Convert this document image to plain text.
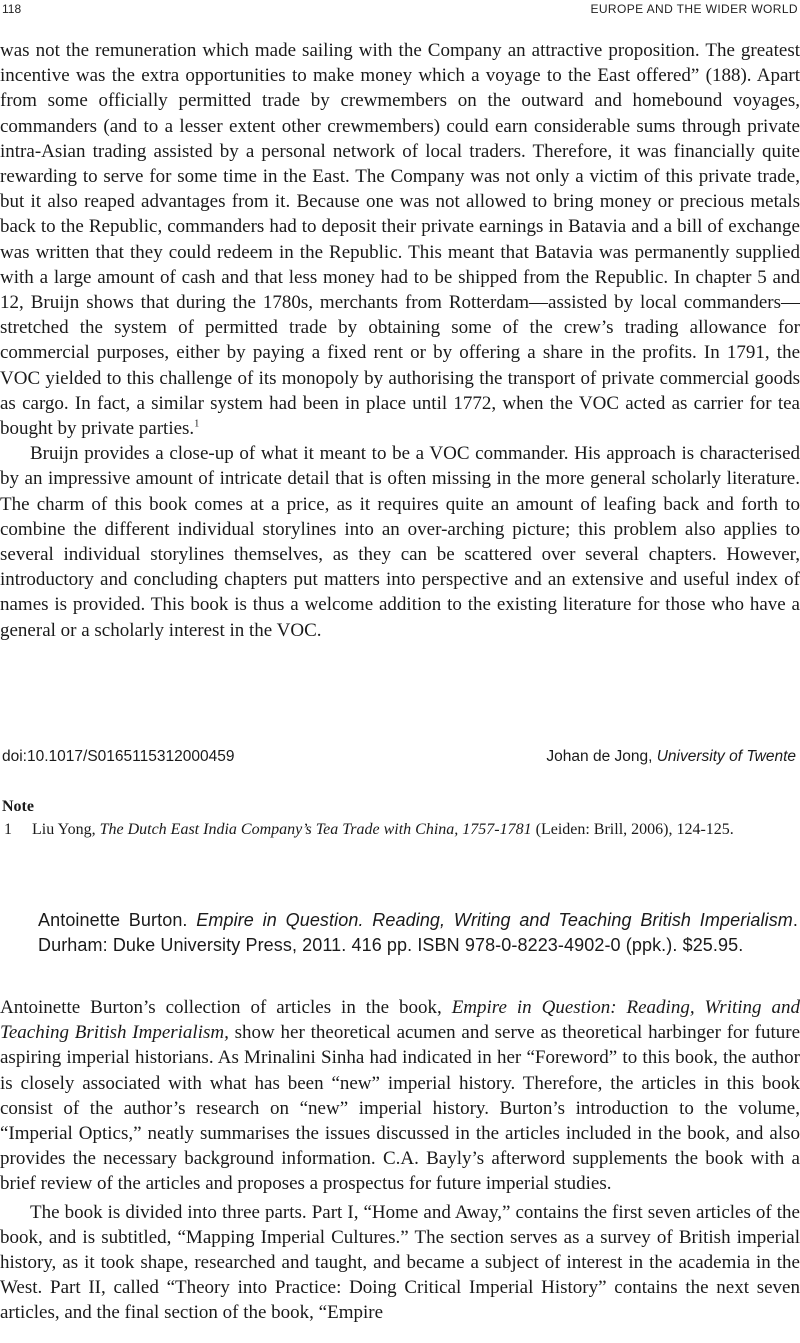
118	EUROPE AND THE WIDER WORLD

was not the remuneration which made sailing with the Company an attractive proposition. The greatest incentive was the extra opportunities to make money which a voyage to the East offered” (188). Apart from some officially permitted trade by crewmembers on the outward and homebound voyages, commanders (and to a lesser extent other crewmembers) could earn considerable sums through private intra-Asian trading assisted by a personal network of local traders. Therefore, it was financially quite rewarding to serve for some time in the East. The Company was not only a victim of this private trade, but it also reaped advantages from it. Because one was not allowed to bring money or precious metals back to the Republic, commanders had to deposit their private earnings in Batavia and a bill of exchange was written that they could redeem in the Republic. This meant that Batavia was permanently supplied with a large amount of cash and that less money had to be shipped from the Republic. In chapter 5 and 12, Bruijn shows that during the 1780s, merchants from Rotterdam—assisted by local commanders—stretched the system of permitted trade by obtaining some of the crew’s trading allowance for commercial purposes, either by paying a fixed rent or by offering a share in the profits. In 1791, the VOC yielded to this challenge of its monopoly by authorising the transport of private commercial goods as cargo. In fact, a similar system had been in place until 1772, when the VOC acted as carrier for tea bought by private parties.$^1$

Bruijn provides a close-up of what it meant to be a VOC commander. His approach is characterised by an impressive amount of intricate detail that is often missing in the more general scholarly literature. The charm of this book comes at a price, as it requires quite an amount of leafing back and forth to combine the different individual storylines into an over-arching picture; this problem also applies to several individual storylines themselves, as they can be scattered over several chapters. However, introductory and concluding chapters put matters into perspective and an extensive and useful index of names is provided. This book is thus a welcome addition to the existing literature for those who have a general or a scholarly interest in the VOC.

doi:10.1017/S0165115312000459	Johan de Jong, University of Twente
Note
1 Liu Yong, The Dutch East India Company’s Tea Trade with China, 1757-1781 (Leiden: Brill, 2006), 124-125.
Antoinette Burton. Empire in Question. Reading, Writing and Teaching British Imperialism. Durham: Duke University Press, 2011. 416 pp. ISBN 978-0-8223-4902-0 (ppk.). $25.95.

Antoinette Burton’s collection of articles in the book, Empire in Question: Reading, Writing and Teaching British Imperialism, show her theoretical acumen and serve as theoretical harbinger for future aspiring imperial historians. As Mrinalini Sinha had indicated in her “Foreword” to this book, the author is closely associated with what has been “new” imperial history. Therefore, the articles in this book consist of the author’s research on “new” imperial history. Burton’s introduction to the volume, “Imperial Optics,” neatly summarises the issues discussed in the articles included in the book, and also provides the necessary background information. C.A. Bayly’s afterword supplements the book with a brief review of the articles and proposes a prospectus for future imperial studies.

The book is divided into three parts. Part I, “Home and Away,” contains the first seven articles of the book, and is subtitled, “Mapping Imperial Cultures.” The section serves as a survey of British imperial history, as it took shape, researched and taught, and became a subject of interest in the academia in the West. Part II, called “Theory into Practice: Doing Critical Imperial History” contains the next seven articles, and the final section of the book, “Empire
